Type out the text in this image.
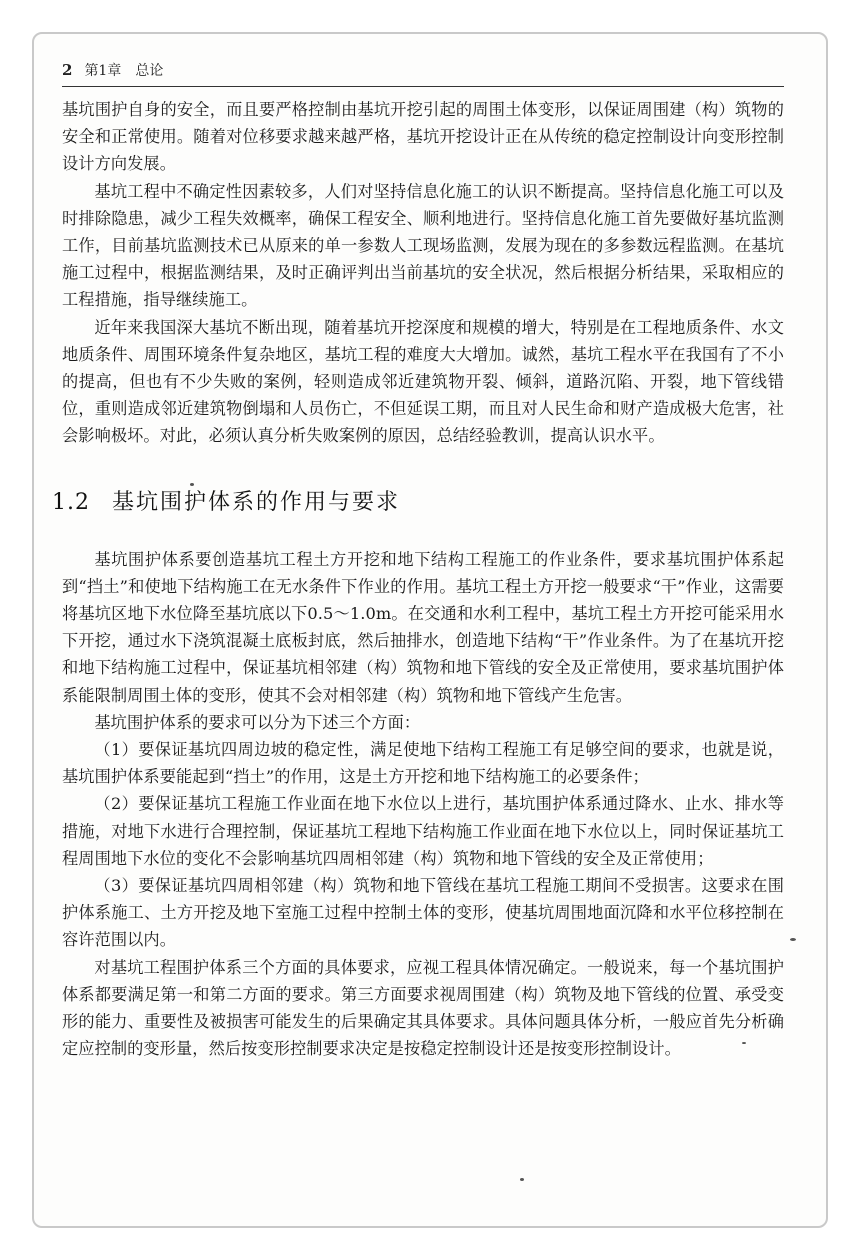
2 第1章 总论

基坑围护自身的安全，而且要严格控制由基坑开挖引起的周围土体变形，以保证周围建（构）筑物的安全和正常使用。随着对位移要求越来越严格，基坑开挖设计正在从传统的稳定控制设计向变形控制设计方向发展。

基坑工程中不确定性因素较多，人们对坚持信息化施工的认识不断提高。坚持信息化施工可以及时排除隐患，减少工程失效概率，确保工程安全、顺利地进行。坚持信息化施工首先要做好基坑监测工作，目前基坑监测技术已从原来的单一参数人工现场监测，发展为现在的多参数远程监测。在基坑施工过程中，根据监测结果，及时正确评判出当前基坑的安全状况，然后根据分析结果，采取相应的工程措施，指导继续施工。

近年来我国深大基坑不断出现，随着基坑开挖深度和规模的增大，特别是在工程地质条件、水文地质条件、周围环境条件复杂地区，基坑工程的难度大大增加。诚然，基坑工程水平在我国有了不小的提高，但也有不少失败的案例，轻则造成邻近建筑物开裂、倾斜，道路沉陷、开裂，地下管线错位，重则造成邻近建筑物倒塌和人员伤亡，不但延误工期，而且对人民生命和财产造成极大危害，社会影响极坏。对此，必须认真分析失败案例的原因，总结经验教训，提高认识水平。

1.2 基坑围护体系的作用与要求

基坑围护体系要创造基坑工程土方开挖和地下结构工程施工的作业条件，要求基坑围护体系起到“挡土”和使地下结构施工在无水条件下作业的作用。基坑工程土方开挖一般要求“干”作业，这需要将基坑区地下水位降至基坑底以下0.5～1.0m。在交通和水利工程中，基坑工程土方开挖可能采用水下开挖，通过水下浇筑混凝土底板封底，然后抽排水，创造地下结构“干”作业条件。为了在基坑开挖和地下结构施工过程中，保证基坑相邻建（构）筑物和地下管线的安全及正常使用，要求基坑围护体系能限制周围土体的变形，使其不会对相邻建（构）筑物和地下管线产生危害。

基坑围护体系的要求可以分为下述三个方面：

（1）要保证基坑四周边坡的稳定性，满足使地下结构工程施工有足够空间的要求，也就是说，基坑围护体系要能起到“挡土”的作用，这是土方开挖和地下结构施工的必要条件；

（2）要保证基坑工程施工作业面在地下水位以上进行，基坑围护体系通过降水、止水、排水等措施，对地下水进行合理控制，保证基坑工程地下结构施工作业面在地下水位以上，同时保证基坑工程周围地下水位的变化不会影响基坑四周相邻建（构）筑物和地下管线的安全及正常使用；

（3）要保证基坑四周相邻建（构）筑物和地下管线在基坑工程施工期间不受损害。这要求在围护体系施工、土方开挖及地下室施工过程中控制土体的变形，使基坑周围地面沉降和水平位移控制在容许范围以内。

对基坑工程围护体系三个方面的具体要求，应视工程具体情况确定。一般说来，每一个基坑围护体系都要满足第一和第二方面的要求。第三方面要求视周围建（构）筑物及地下管线的位置、承受变形的能力、重要性及被损害可能发生的后果确定其具体要求。具体问题具体分析，一般应首先分析确定应控制的变形量，然后按变形控制要求决定是按稳定控制设计还是按变形控制设计。
